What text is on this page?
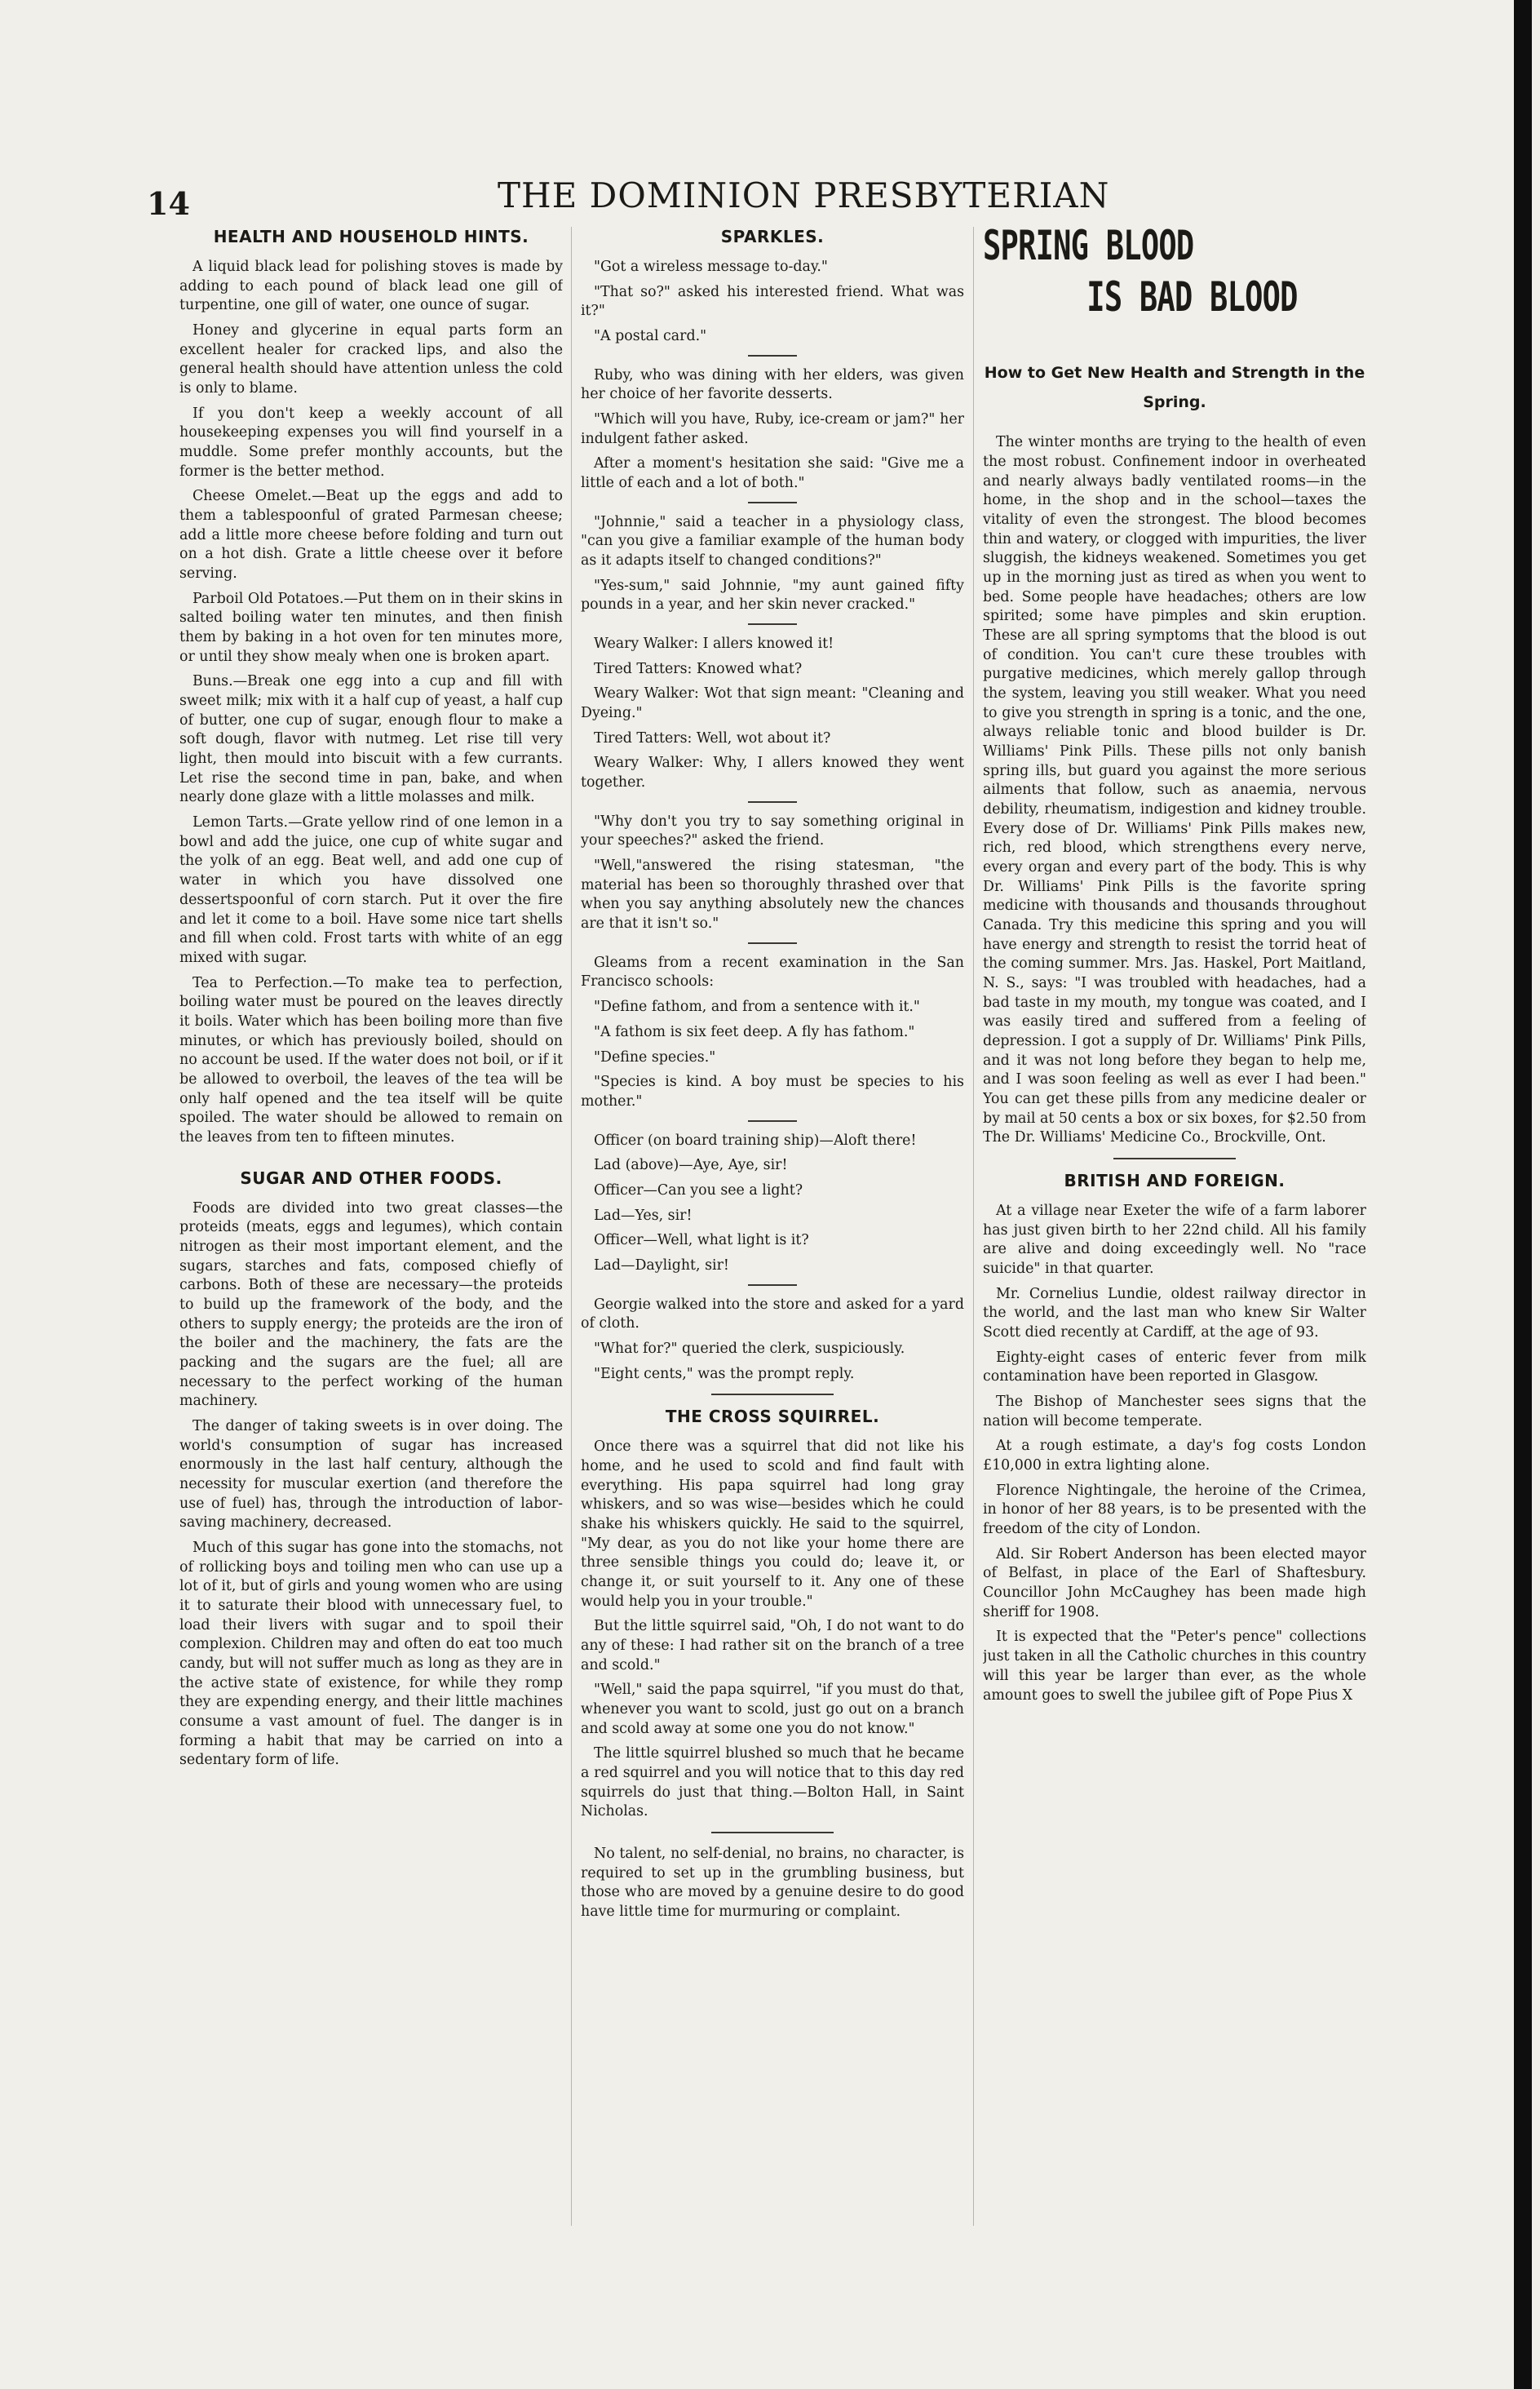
14	THE DOMINION PRESBYTERIAN
HEALTH AND HOUSEHOLD HINTS.

A liquid black lead for polishing stoves is made by adding to each pound of black lead one gill of turpentine, one gill of water, one ounce of sugar.

Honey and glycerine in equal parts form an excellent healer for cracked lips, and also the general health should have attention unless the cold is only to blame.

If you don't keep a weekly account of all housekeeping expenses you will find yourself in a muddle. Some prefer monthly accounts, but the former is the better method.

Cheese Omelet.—Beat up the eggs and add to them a tablespoonful of grated Parmesan cheese; add a little more cheese before folding and turn out on a hot dish. Grate a little cheese over it before serving.

Parboil Old Potatoes.—Put them on in their skins in salted boiling water ten minutes, and then finish them by baking in a hot oven for ten minutes more, or until they show mealy when one is broken apart.

Buns.—Break one egg into a cup and fill with sweet milk; mix with it a half cup of yeast, a half cup of butter, one cup of sugar, enough flour to make a soft dough, flavor with nutmeg. Let rise till very light, then mould into biscuit with a few currants. Let rise the second time in pan, bake, and when nearly done glaze with a little molasses and milk.

Lemon Tarts.—Grate yellow rind of one lemon in a bowl and add the juice, one cup of white sugar and the yolk of an egg. Beat well, and add one cup of water in which you have dissolved one dessertspoonful of corn starch. Put it over the fire and let it come to a boil. Have some nice tart shells and fill when cold. Frost tarts with white of an egg mixed with sugar.

Tea to Perfection.—To make tea to perfection, boiling water must be poured on the leaves directly it boils. Water which has been boiling more than five minutes, or which has previously boiled, should on no account be used. If the water does not boil, or if it be allowed to overboil, the leaves of the tea will be only half opened and the tea itself will be quite spoiled. The water should be allowed to remain on the leaves from ten to fifteen minutes.

SUGAR AND OTHER FOODS.

Foods are divided into two great classes—the proteids (meats, eggs and legumes), which contain nitrogen as their most important element, and the sugars, starches and fats, composed chiefly of carbons. Both of these are necessary—the proteids to build up the framework of the body, and the others to supply energy; the proteids are the iron of the boiler and the machinery, the fats are the packing and the sugars are the fuel; all are necessary to the perfect working of the human machinery.

The danger of taking sweets is in over doing. The world's consumption of sugar has increased enormously in the last half century, although the necessity for muscular exertion (and therefore the use of fuel) has, through the introduction of labor-saving machinery, decreased.

Much of this sugar has gone into the stomachs, not of rollicking boys and toiling men who can use up a lot of it, but of girls and young women who are using it to saturate their blood with unnecessary fuel, to load their livers with sugar and to spoil their complexion. Children may and often do eat too much candy, but will not suffer much as long as they are in the active state of existence, for while they romp they are expending energy, and their little machines consume a vast amount of fuel. The danger is in forming a habit that may be carried on into a sedentary form of life.

SPARKLES.

"Got a wireless message to-day."

"That so?" asked his interested friend. What was it?"

"A postal card."

Ruby, who was dining with her elders, was given her choice of her favorite desserts.

"Which will you have, Ruby, ice-cream or jam?" her indulgent father asked.

After a moment's hesitation she said: "Give me a little of each and a lot of both."

"Johnnie," said a teacher in a physiology class, "can you give a familiar example of the human body as it adapts itself to changed conditions?"

"Yes-sum," said Johnnie, "my aunt gained fifty pounds in a year, and her skin never cracked."

Weary Walker: I allers knowed it!

Tired Tatters: Knowed what?

Weary Walker: Wot that sign meant: "Cleaning and Dyeing."

Tired Tatters: Well, wot about it?

Weary Walker: Why, I allers knowed they went together.

"Why don't you try to say something original in your speeches?" asked the friend.

"Well,"answered the rising statesman, "the material has been so thoroughly thrashed over that when you say anything absolutely new the chances are that it isn't so."

Gleams from a recent examination in the San Francisco schools:

"Define fathom, and from a sentence with it."

"A fathom is six feet deep. A fly has fathom."

"Define species."

"Species is kind. A boy must be species to his mother."

Officer (on board training ship)—Aloft there!

Lad (above)—Aye, Aye, sir!

Officer—Can you see a light?

Lad—Yes, sir!

Officer—Well, what light is it?

Lad—Daylight, sir!

Georgie walked into the store and asked for a yard of cloth.

"What for?" queried the clerk, suspiciously.

"Eight cents," was the prompt reply.

THE CROSS SQUIRREL.

Once there was a squirrel that did not like his home, and he used to scold and find fault with everything. His papa squirrel had long gray whiskers, and so was wise—besides which he could shake his whiskers quickly. He said to the squirrel, "My dear, as you do not like your home there are three sensible things you could do; leave it, or change it, or suit yourself to it. Any one of these would help you in your trouble."

But the little squirrel said, "Oh, I do not want to do any of these: I had rather sit on the branch of a tree and scold."

"Well," said the papa squirrel, "if you must do that, whenever you want to scold, just go out on a branch and scold away at some one you do not know."

The little squirrel blushed so much that he became a red squirrel and you will notice that to this day red squirrels do just that thing.—Bolton Hall, in Saint Nicholas.

No talent, no self-denial, no brains, no character, is required to set up in the grumbling business, but those who are moved by a genuine desire to do good have little time for murmuring or complaint.

SPRING BLOOD
IS BAD BLOOD
How to Get New Health and Strength in the Spring.

The winter months are trying to the health of even the most robust. Confinement indoor in overheated and nearly always badly ventilated rooms—in the home, in the shop and in the school—taxes the vitality of even the strongest. The blood becomes thin and watery, or clogged with impurities, the liver sluggish, the kidneys weakened. Sometimes you get up in the morning just as tired as when you went to bed. Some people have headaches; others are low spirited; some have pimples and skin eruption. These are all spring symptoms that the blood is out of condition. You can't cure these troubles with purgative medicines, which merely gallop through the system, leaving you still weaker. What you need to give you strength in spring is a tonic, and the one, always reliable tonic and blood builder is Dr. Williams' Pink Pills. These pills not only banish spring ills, but guard you against the more serious ailments that follow, such as anaemia, nervous debility, rheumatism, indigestion and kidney trouble. Every dose of Dr. Williams' Pink Pills makes new, rich, red blood, which strengthens every nerve, every organ and every part of the body. This is why Dr. Williams' Pink Pills is the favorite spring medicine with thousands and thousands throughout Canada. Try this medicine this spring and you will have energy and strength to resist the torrid heat of the coming summer. Mrs. Jas. Haskel, Port Maitland, N. S., says: "I was troubled with headaches, had a bad taste in my mouth, my tongue was coated, and I was easily tired and suffered from a feeling of depression. I got a supply of Dr. Williams' Pink Pills, and it was not long before they began to help me, and I was soon feeling as well as ever I had been." You can get these pills from any medicine dealer or by mail at 50 cents a box or six boxes, for $2.50 from The Dr. Williams' Medicine Co., Brockville, Ont.

BRITISH AND FOREIGN.

At a village near Exeter the wife of a farm laborer has just given birth to her 22nd child. All his family are alive and doing exceedingly well. No "race suicide" in that quarter.

Mr. Cornelius Lundie, oldest railway director in the world, and the last man who knew Sir Walter Scott died recently at Cardiff, at the age of 93.

Eighty-eight cases of enteric fever from milk contamination have been reported in Glasgow.

The Bishop of Manchester sees signs that the nation will become temperate.

At a rough estimate, a day's fog costs London £10,000 in extra lighting alone.

Florence Nightingale, the heroine of the Crimea, in honor of her 88 years, is to be presented with the freedom of the city of London.

Ald. Sir Robert Anderson has been elected mayor of Belfast, in place of the Earl of Shaftesbury. Councillor John McCaughey has been made high sheriff for 1908.

It is expected that the "Peter's pence" collections just taken in all the Catholic churches in this country will this year be larger than ever, as the whole amount goes to swell the jubilee gift of Pope Pius X
